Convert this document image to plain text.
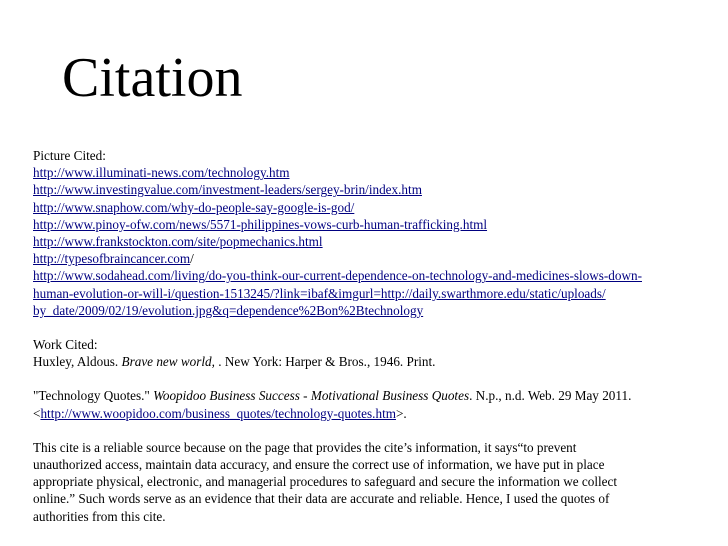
Citation
Picture Cited:
http://www.illuminati-news.com/technology.htm
http://www.investingvalue.com/investment-leaders/sergey-brin/index.htm
http://www.snaphow.com/why-do-people-say-google-is-god/
http://www.pinoy-ofw.com/news/5571-philippines-vows-curb-human-trafficking.html
http://www.frankstockton.com/site/popmechanics.html
http://typesofbraincancer.com/
http://www.sodahead.com/living/do-you-think-our-current-dependence-on-technology-and-medicines-slows-down-
human-evolution-or-will-i/question-1513245/?link=ibaf&imgurl=http://daily.swarthmore.edu/static/uploads/
by_date/2009/02/19/evolution.jpg&q=dependence%2Bon%2Btechnology
Work Cited:
Huxley, Aldous. Brave new world, . New York: Harper & Bros., 1946. Print.
"Technology Quotes." Woopidoo Business Success - Motivational Business Quotes. N.p., n.d. Web. 29 May 2011.
<http://www.woopidoo.com/business_quotes/technology-quotes.htm>.
This cite is a reliable source because on the page that provides the cite’s information, it says“to prevent
unauthorized access, maintain data accuracy, and ensure the correct use of information, we have put in place
appropriate physical, electronic, and managerial procedures to safeguard and secure the information we collect
online.” Such words serve as an evidence that their data are accurate and reliable. Hence, I used the quotes of
authorities from this cite.
